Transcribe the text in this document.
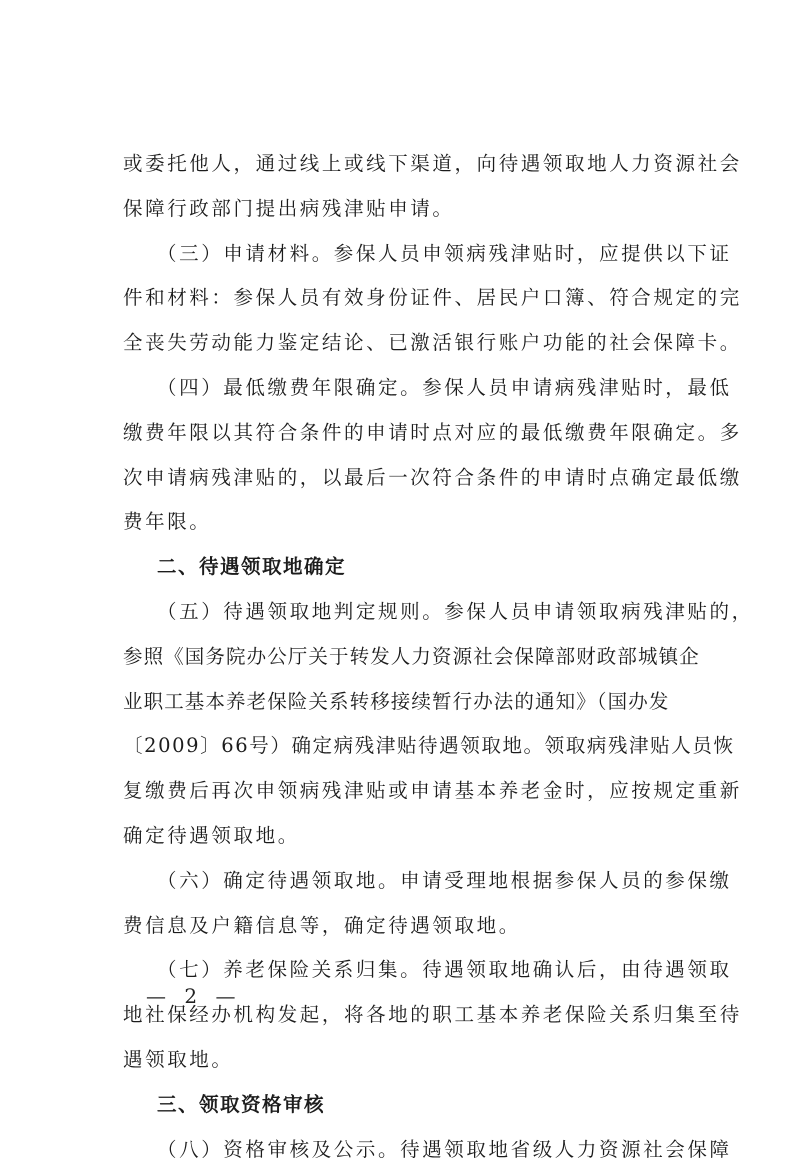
或委托他人，通过线上或线下渠道，向待遇领取地人力资源社会
保障行政部门提出病残津贴申请。
（三）申请材料。参保人员申领病残津贴时，应提供以下证
件和材料：参保人员有效身份证件、居民户口簿、符合规定的完
全丧失劳动能力鉴定结论、已激活银行账户功能的社会保障卡。
（四）最低缴费年限确定。参保人员申请病残津贴时，最低
缴费年限以其符合条件的申请时点对应的最低缴费年限确定。多
次申请病残津贴的，以最后一次符合条件的申请时点确定最低缴
费年限。
二、待遇领取地确定
（五）待遇领取地判定规则。参保人员申请领取病残津贴的，
参照《国务院办公厅关于转发人力资源社会保障部财政部城镇企
业职工基本养老保险关系转移接续暂行办法的通知》（国办发
〔2009〕66号）确定病残津贴待遇领取地。领取病残津贴人员恢
复缴费后再次申领病残津贴或申请基本养老金时，应按规定重新
确定待遇领取地。
（六）确定待遇领取地。申请受理地根据参保人员的参保缴
费信息及户籍信息等，确定待遇领取地。
（七）养老保险关系归集。待遇领取地确认后，由待遇领取
地社保经办机构发起，将各地的职工基本养老保险关系归集至待
遇领取地。
三、领取资格审核
（八）资格审核及公示。待遇领取地省级人力资源社会保障
— 2 —
